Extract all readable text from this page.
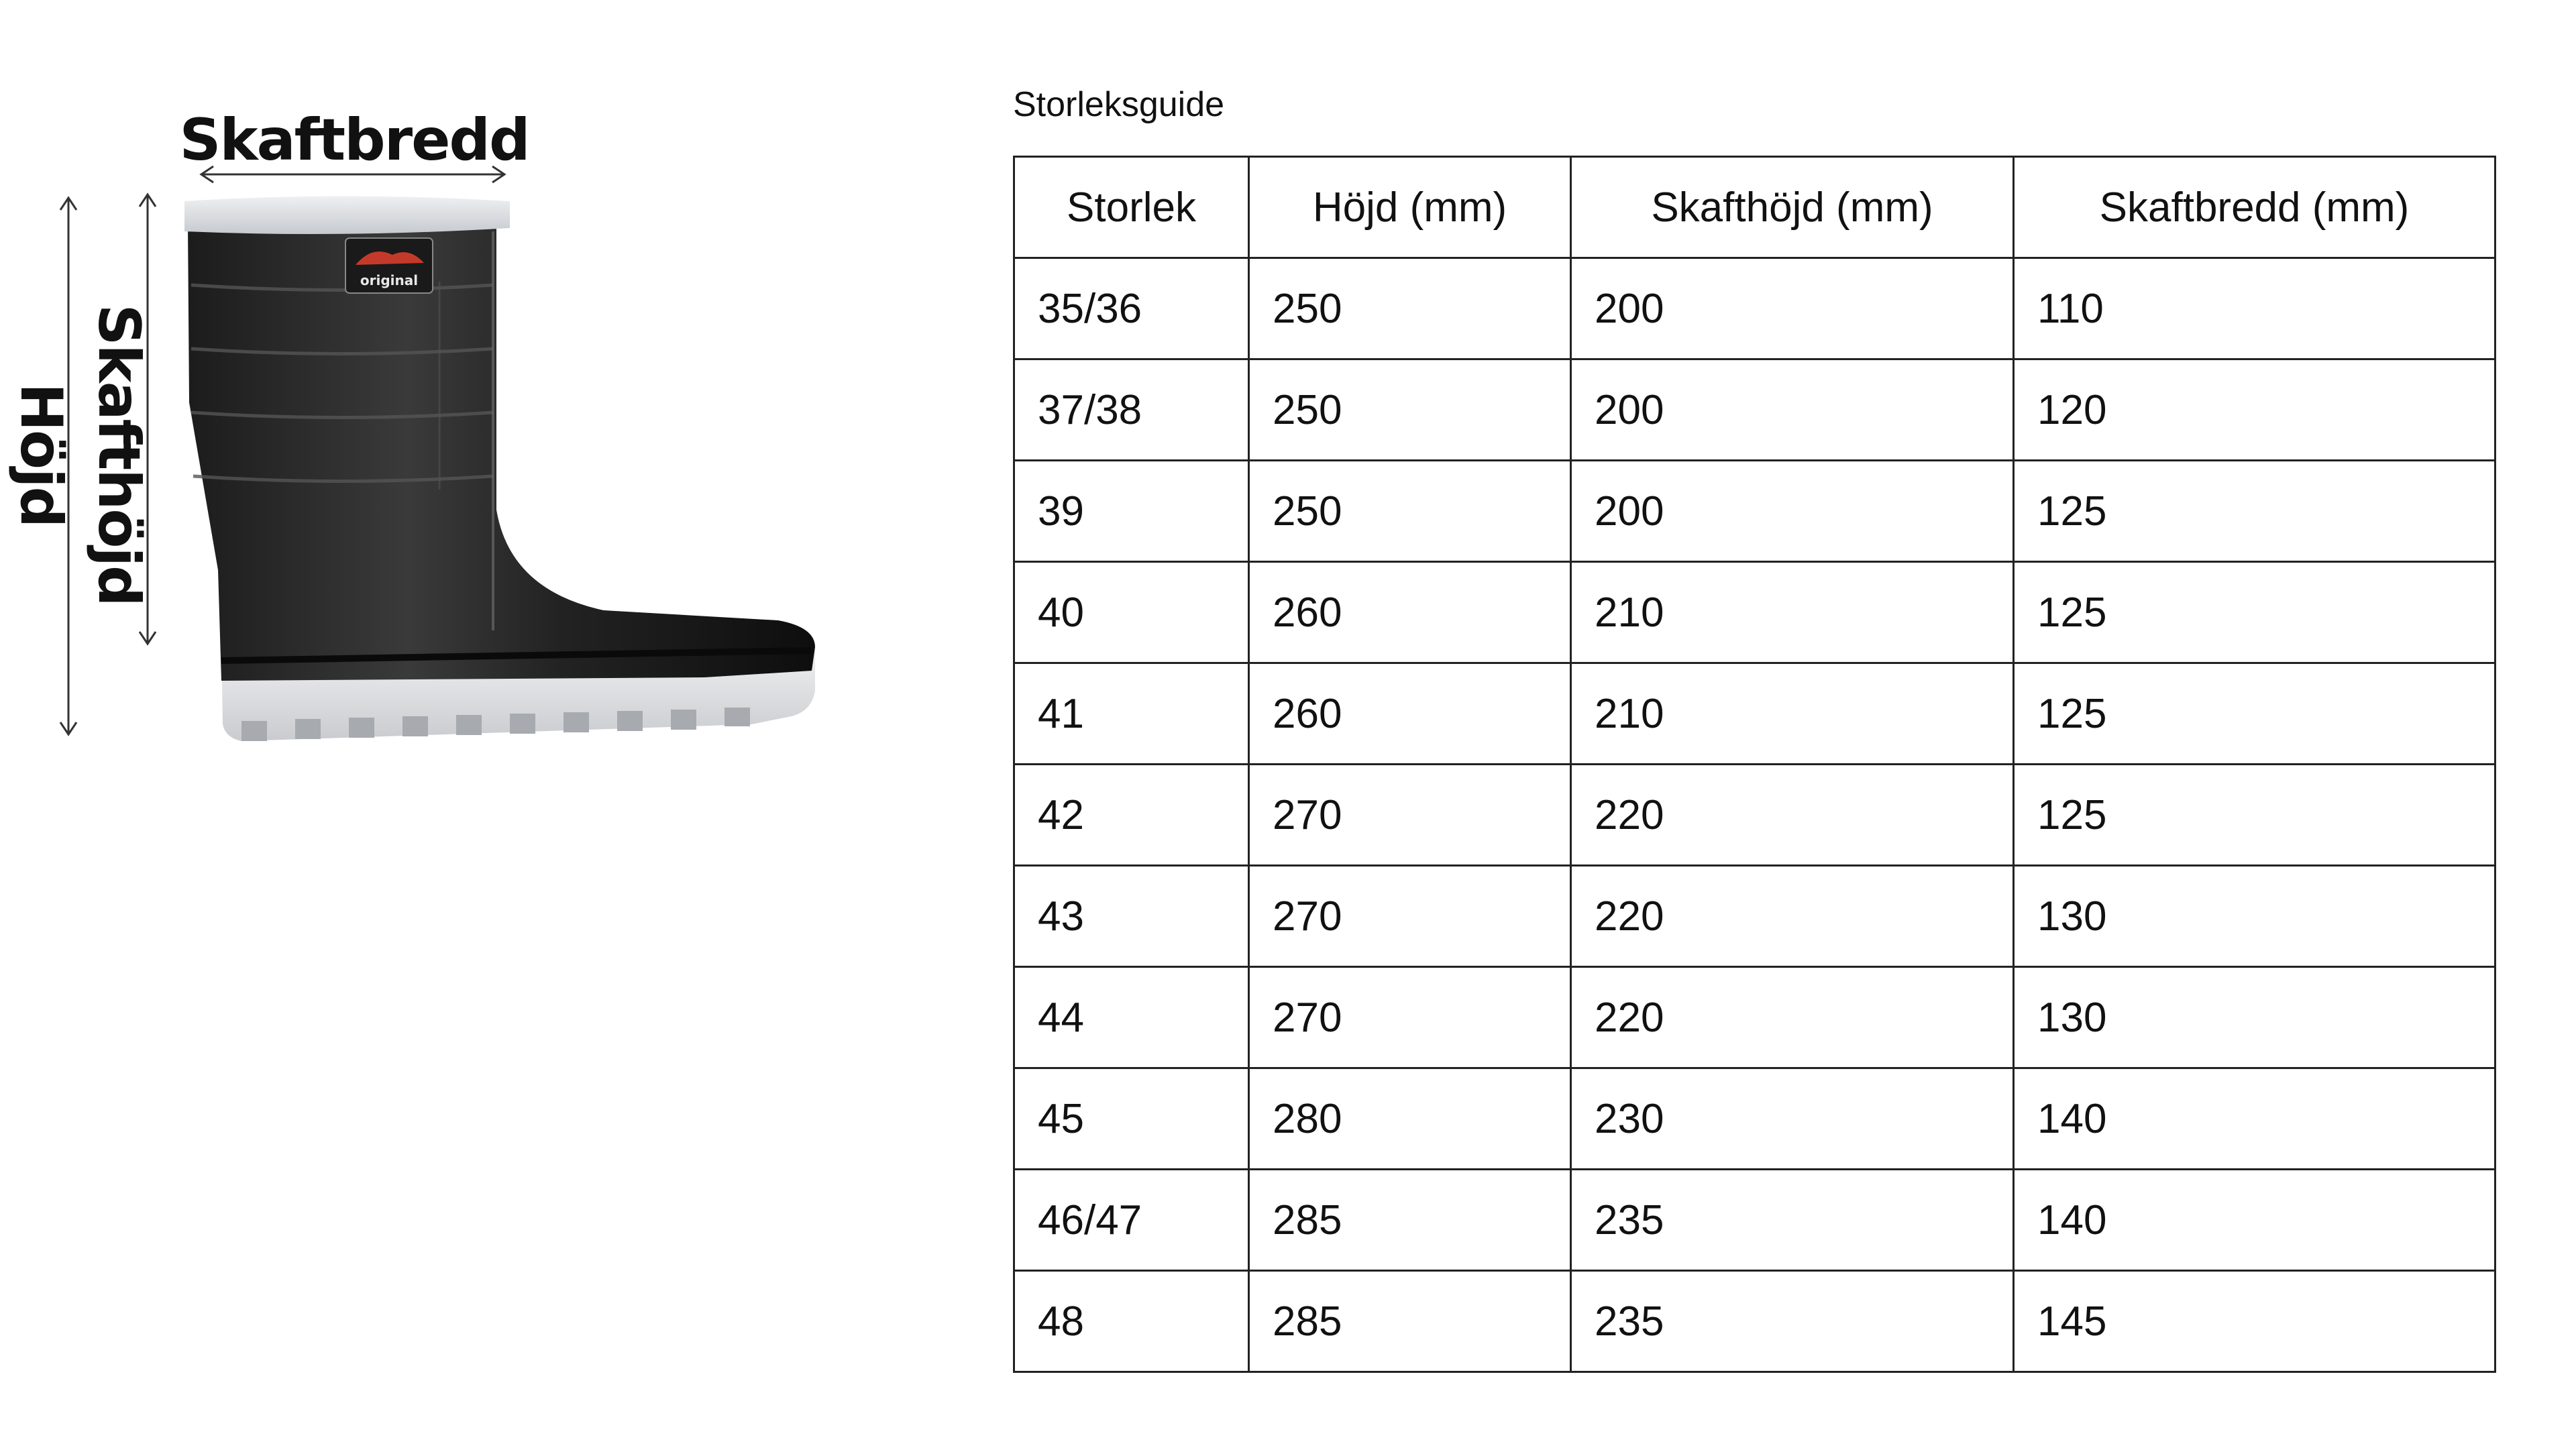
Skaftbredd
Höjd Skafthöjd
original
Storleksguide
Storlek	Höjd (mm)	Skafthöjd (mm)	Skaftbredd (mm)
35/36	250	200	110
37/38	250	200	120
39	250	200	125
40	260	210	125
41	260	210	125
42	270	220	125
43	270	220	130
44	270	220	130
45	280	230	140
46/47	285	235	140
48	285	235	145
